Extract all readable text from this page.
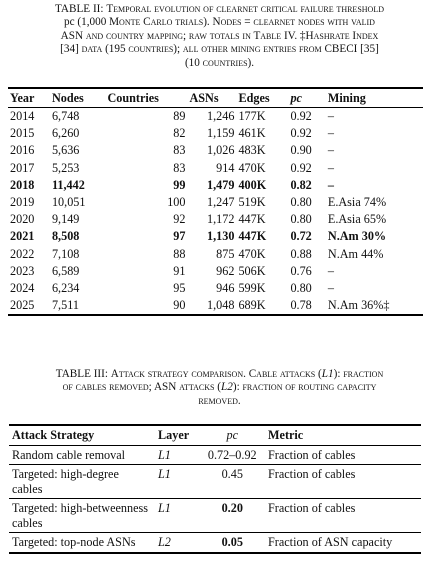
TABLE II: Temporal evolution of clearnet critical failure threshold
pc (1,000 Monte Carlo trials). Nodes = clearnet nodes with valid
ASN and country mapping; raw totals in Table IV. ‡Hashrate Index
[34] data (195 countries); all other mining entries from CBECI [35]
(10 countries).
Year	Nodes	Countries	ASNs	Edges	pc	Mining
2014	6,748	89	1,246	177K	0.92	–
2015	6,260	82	1,159	461K	0.92	–
2016	5,636	83	1,026	483K	0.90	–
2017	5,253	83	914	470K	0.92	–
2018	11,442	99	1,479	400K	0.82	–
2019	10,051	100	1,247	519K	0.80	E.Asia 74%
2020	9,149	92	1,172	447K	0.80	E.Asia 65%
2021	8,508	97	1,130	447K	0.72	N.Am 30%
2022	7,108	88	875	470K	0.88	N.Am 44%
2023	6,589	91	962	506K	0.76	–
2024	6,234	95	946	599K	0.80	–
2025	7,511	90	1,048	689K	0.78	N.Am 36%‡
TABLE III: Attack strategy comparison. Cable attacks (L1): fraction
of cables removed; ASN attacks (L2): fraction of routing capacity
removed.
Attack Strategy	Layer	pc	Metric
Random cable removal	L1	0.72–0.92	Fraction of cables
Targeted: high-degree cables	L1	0.45	Fraction of cables
Targeted: high-betweenness cables	L1	0.20	Fraction of cables
Targeted: top-node ASNs	L2	0.05	Fraction of ASN capacity
